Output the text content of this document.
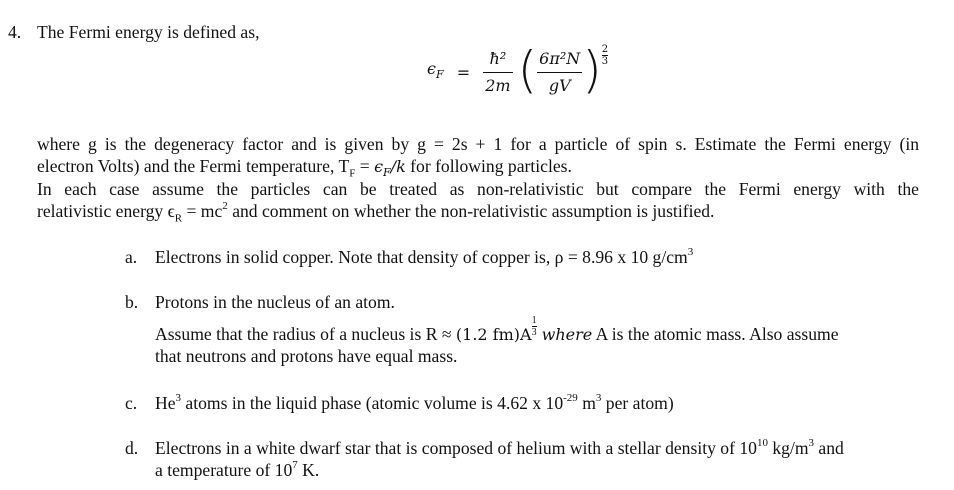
4. The Fermi energy is defined as,
$\epsilon_F = \frac{\text{ħ²}}{2m}$ ( $\frac{\text{6π²N}}{gV}$ ) $\frac{2}{3}$
where g is the degeneracy factor and is given by g = 2s + 1 for a particle of spin s. Estimate the Fermi energy (in
electron Volts) and the Fermi temperature, $T_F = \epsilon_F/k$ for following particles.
In each case assume the particles can be treated as non-relativistic but compare the Fermi energy with the
relativistic energy $\epsilon_R = mc^2$ and comment on whether the non-relativistic assumption is justified.
a. Electrons in solid copper. Note that density of copper is, ρ = 8.96 x 10 $g/cm^3$
b. Protons in the nucleus of an atom.
Assume that the radius of a nucleus is R ≈ (1.2 $fm)A \frac{1}{3}$ where A is the atomic mass. Also assume
that neutrons and protons have equal mass.
c. He$^3$ atoms in the liquid phase (atomic volume is 4.62 x $10^{-29}$ $m^3$ per atom)
d. Electrons in a white dwarf star that is composed of helium with a stellar density of $10^{10}$ $kg/m^3$ and
a temperature of $10^7$ K.
